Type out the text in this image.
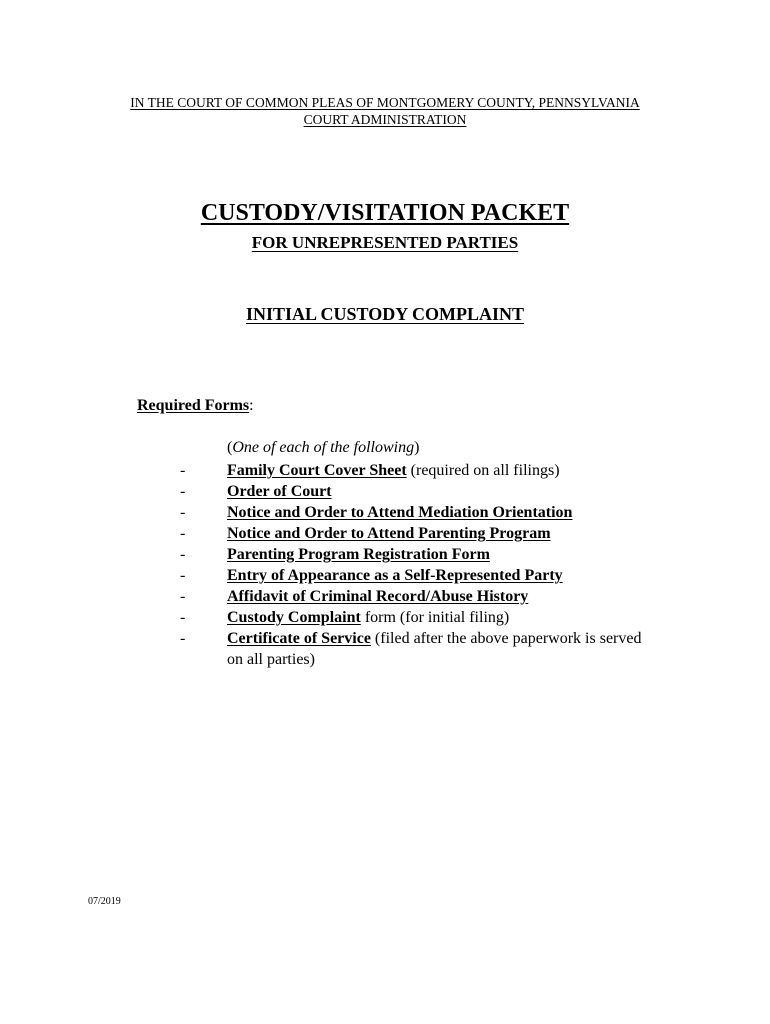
IN THE COURT OF COMMON PLEAS OF MONTGOMERY COUNTY, PENNSYLVANIA
COURT ADMINISTRATION
CUSTODY/VISITATION PACKET
FOR UNREPRESENTED PARTIES
INITIAL CUSTODY COMPLAINT
Required Forms:
(One of each of the following)
-	Family Court Cover Sheet (required on all filings)
-	Order of Court
-	Notice and Order to Attend Mediation Orientation
-	Notice and Order to Attend Parenting Program
-	Parenting Program Registration Form
-	Entry of Appearance as a Self-Represented Party
-	Affidavit of Criminal Record/Abuse History
-	Custody Complaint form (for initial filing)
-	Certificate of Service (filed after the above paperwork is served on all parties)
07/2019
